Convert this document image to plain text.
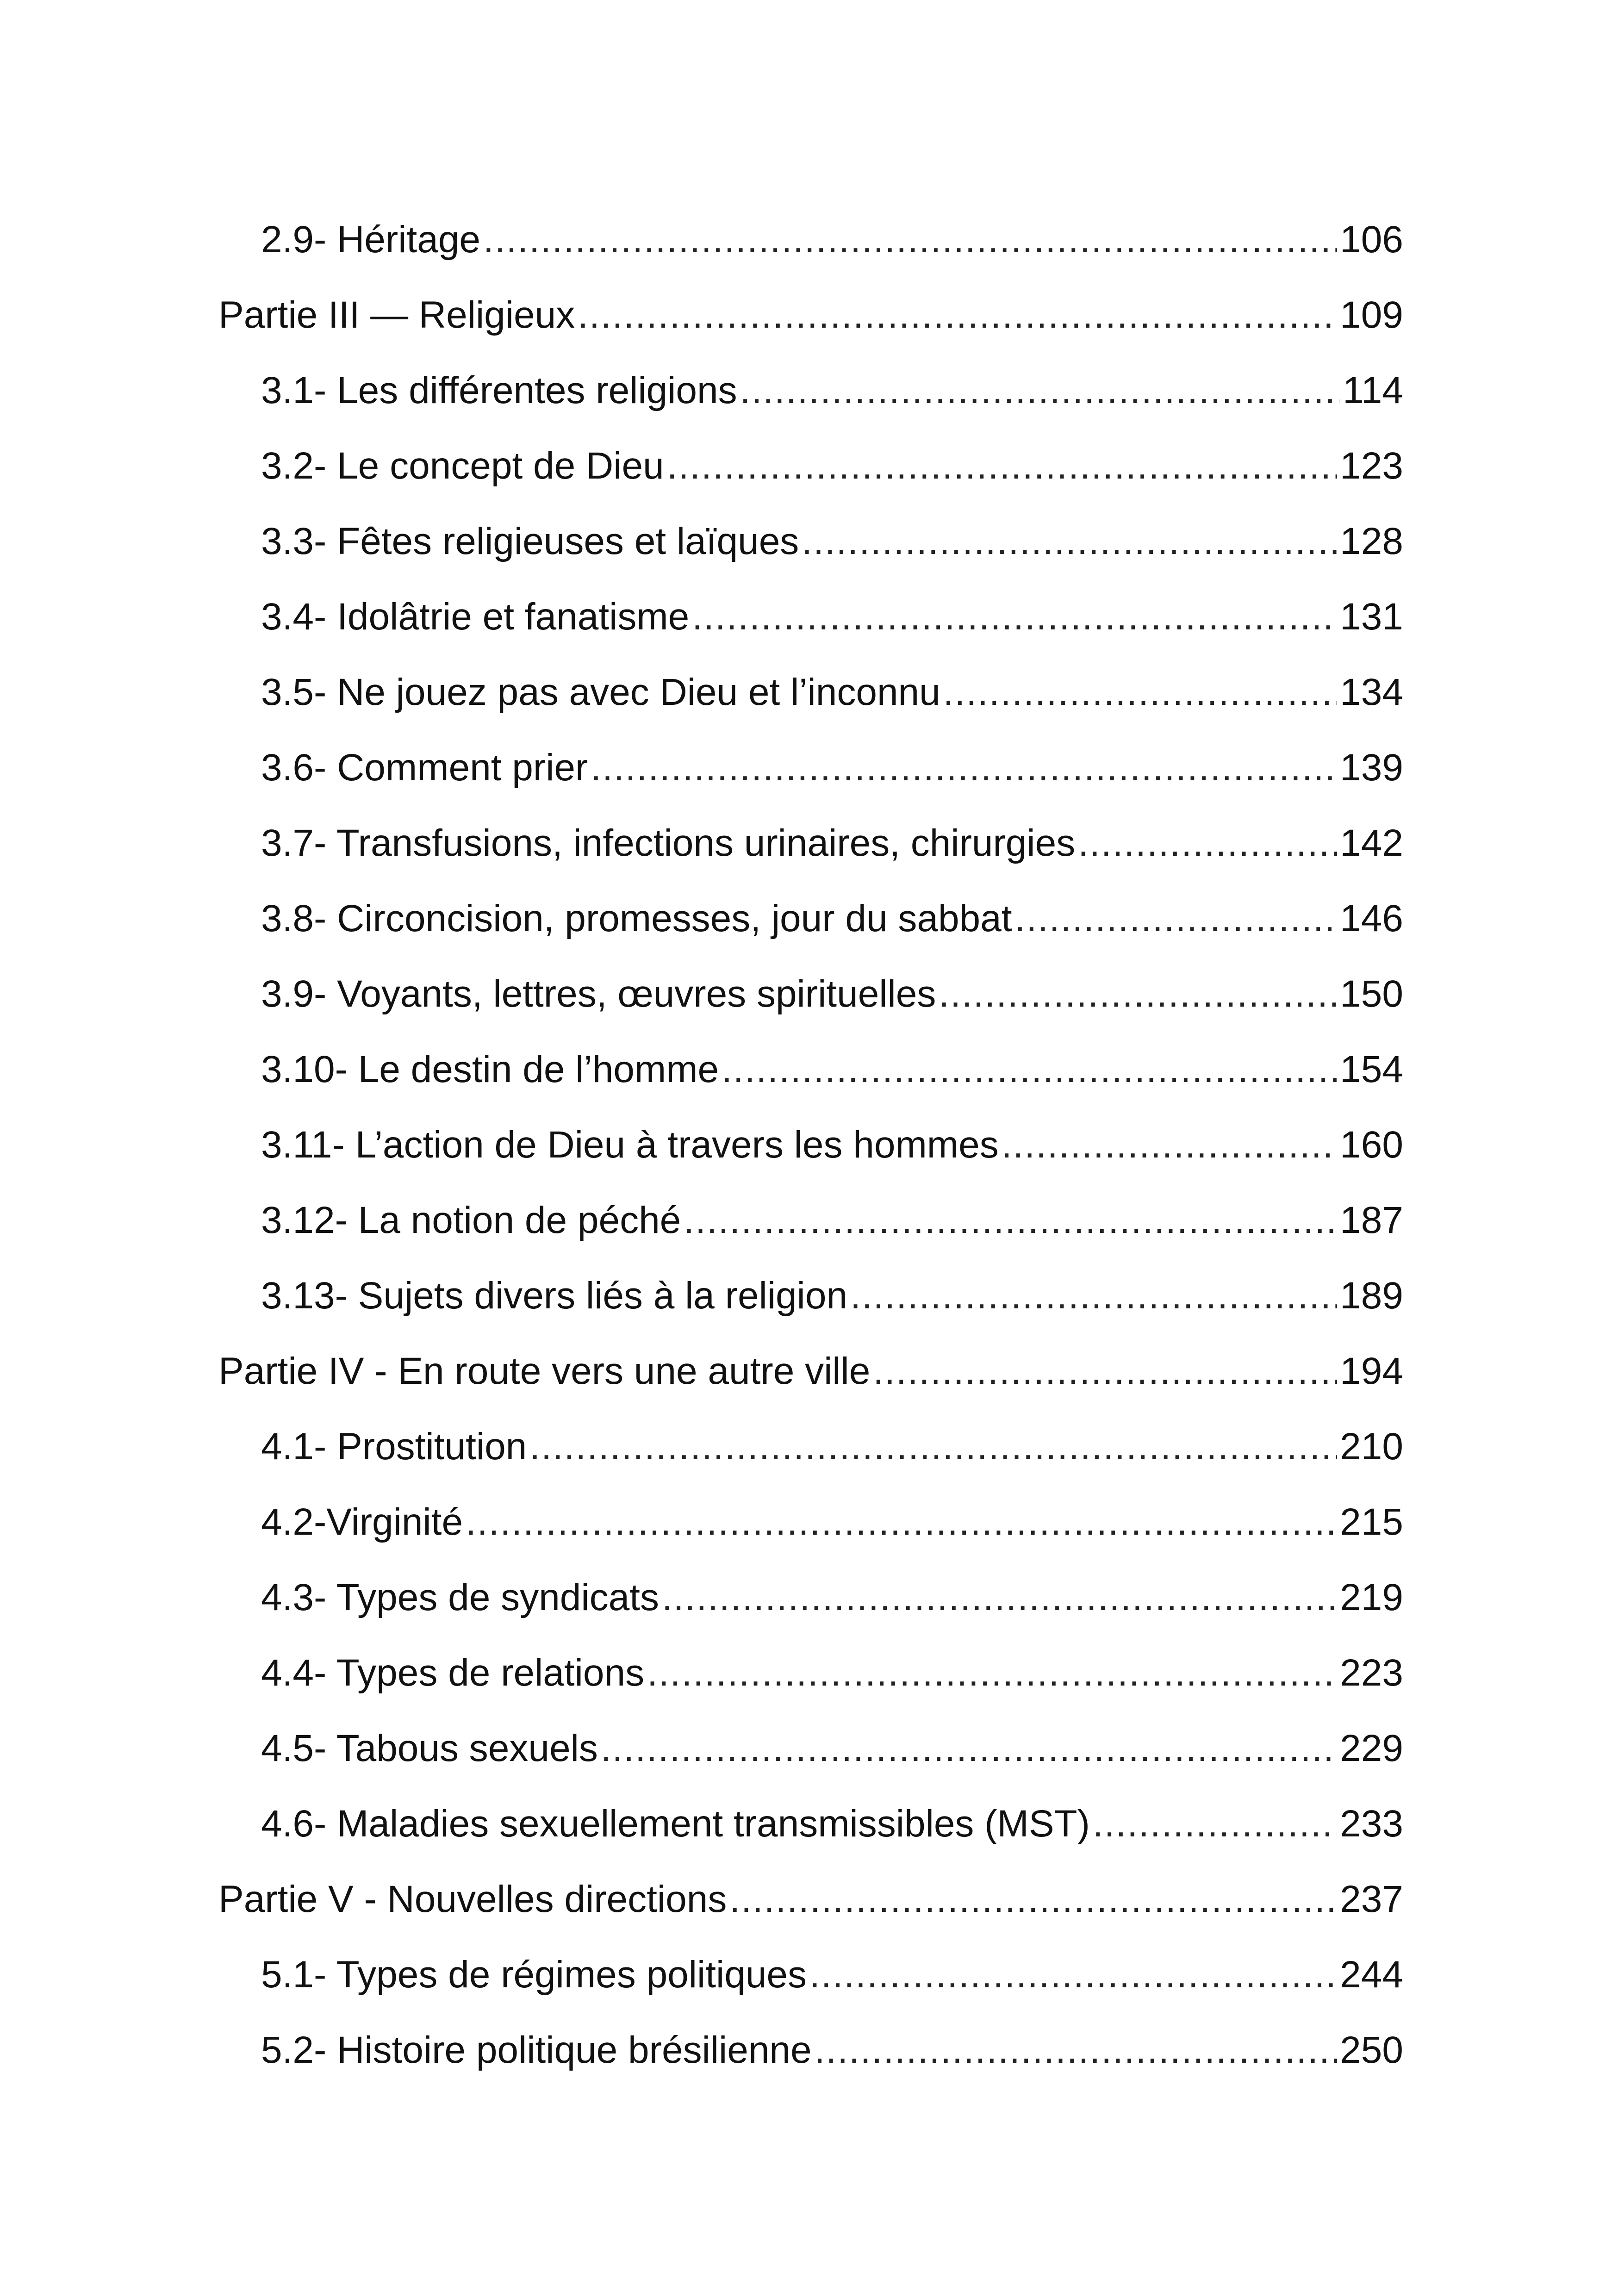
2.9- Héritage .....	106
Partie III — Religieux .....	109
3.1- Les différentes religions .....	114
3.2- Le concept de Dieu .....	123
3.3- Fêtes religieuses et laïques .....	128
3.4- Idolâtrie et fanatisme .....	131
3.5- Ne jouez pas avec Dieu et l’inconnu .....	134
3.6- Comment prier .....	139
3.7- Transfusions, infections urinaires, chirurgies .....	142
3.8- Circoncision, promesses, jour du sabbat .....	146
3.9- Voyants, lettres, œuvres spirituelles .....	150
3.10- Le destin de l’homme .....	154
3.11- L’action de Dieu à travers les hommes .....	160
3.12- La notion de péché .....	187
3.13- Sujets divers liés à la religion .....	189
Partie IV - En route vers une autre ville .....	194
4.1- Prostitution .....	210
4.2-Virginité .....	215
4.3- Types de syndicats .....	219
4.4- Types de relations .....	223
4.5- Tabous sexuels .....	229
4.6- Maladies sexuellement transmissibles (MST) .....	233
Partie V - Nouvelles directions .....	237
5.1- Types de régimes politiques .....	244
5.2- Histoire politique brésilienne .....	250
